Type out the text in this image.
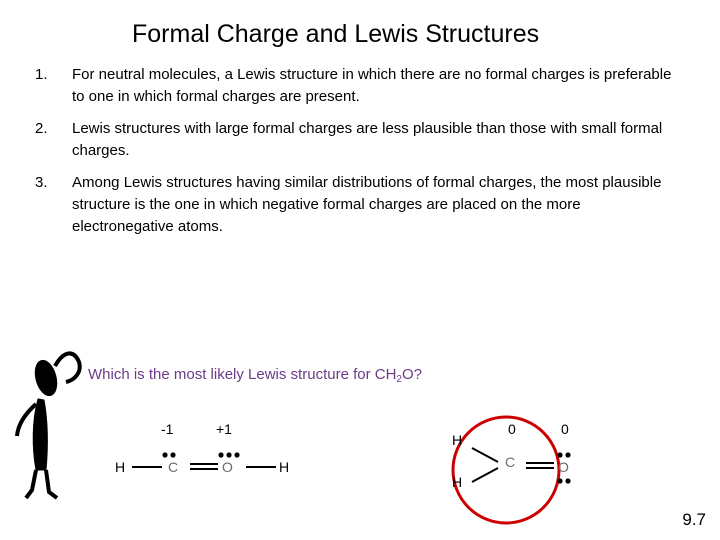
Formal Charge and Lewis Structures
1. For neutral molecules, a Lewis structure in which there are no formal charges is preferable to one in which formal charges are present.
2. Lewis structures with large formal charges are less plausible than those with small formal charges.
3. Among Lewis structures having similar distributions of formal charges, the most plausible structure is the one in which negative formal charges are placed on the more electronegative atoms.
Which is the most likely Lewis structure for $CH_2O$?
-1	+1
H	C	O	H
0	0
H
H
C	O
9.7
